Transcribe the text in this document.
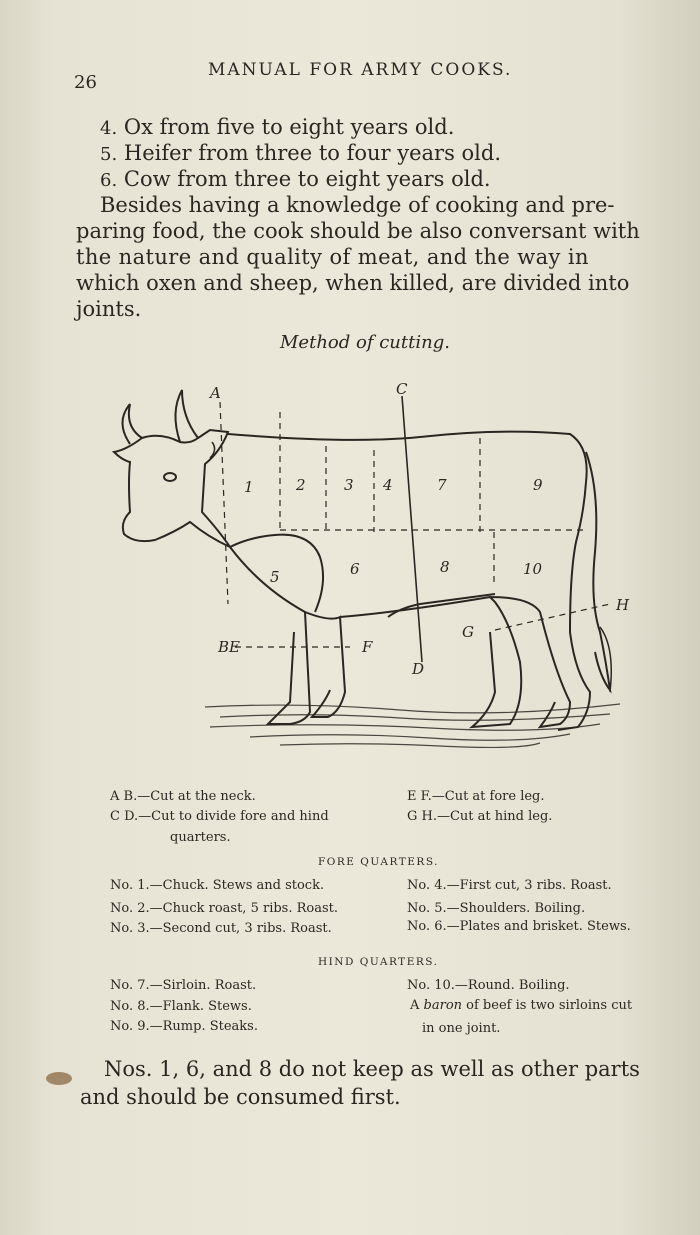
26
MANUAL FOR ARMY COOKS.
4. Ox from five to eight years old.
5. Heifer from three to four years old.
6. Cow from three to eight years old.
Besides having a knowledge of cooking and pre-
paring food, the cook should be also conversant with
the nature and quality of meat, and the way in
which oxen and sheep, when killed, are divided into
joints.
Method of cutting.
A	C
BE	F
D
G
H
1	2	3 4
5	6
7
8
9
10
A B.—Cut at the neck.
C D.—Cut to divide fore and hind
quarters.
E F.—Cut at fore leg.
G H.—Cut at hind leg.
FORE QUARTERS.
No. 1.—Chuck. Stews and stock.
No. 2.—Chuck roast, 5 ribs. Roast.
No. 3.—Second cut, 3 ribs. Roast.
No. 4.—First cut, 3 ribs. Roast.
No. 5.—Shoulders. Boiling.
No. 6.—Plates and brisket. Stews.
HIND QUARTERS.
No. 7.—Sirloin. Roast.
No. 8.—Flank. Stews.
No. 9.—Rump. Steaks.
No. 10.—Round. Boiling.
A baron of beef is two sirloins cut
in one joint.
Nos. 1, 6, and 8 do not keep as well as other parts
and should be consumed first.
